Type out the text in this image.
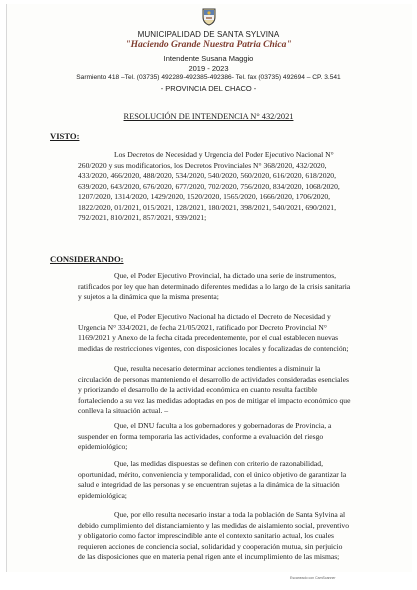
MUNICIPALIDAD DE SANTA SYLVINA
"Haciendo Grande Nuestra Patria Chica"
Intendente Susana Maggio
2019 - 2023
Sarmiento 418 –Tel. (03735) 492289-492385-492386- Tel. fax (03735) 492694 – CP. 3.541
- PROVINCIA DEL CHACO -
RESOLUCIÓN DE INTENDENCIA N° 432/2021
VISTO:
Los Decretos de Necesidad y Urgencia del Poder Ejecutivo Nacional N°
260/2020 y sus modificatorios, los Decretos Provinciales N° 368/2020, 432/2020,
433/2020, 466/2020, 488/2020, 534/2020, 540/2020, 560/2020, 616/2020, 618/2020,
639/2020, 643/2020, 676/2020, 677/2020, 702/2020, 756/2020, 834/2020, 1068/2020,
1207/2020, 1314/2020, 1429/2020, 1520/2020, 1565/2020, 1666/2020, 1706/2020,
1822/2020, 01/2021, 015/2021, 128/2021, 180/2021, 398/2021, 540/2021, 690/2021,
792/2021, 810/2021, 857/2021, 939/2021;
CONSIDERANDO:
Que, el Poder Ejecutivo Provincial, ha dictado una serie de instrumentos,
ratificados por ley que han determinado diferentes medidas a lo largo de la crisis sanitaria
y sujetos a la dinámica que la misma presenta;
Que, el Poder Ejecutivo Nacional ha dictado el Decreto de Necesidad y
Urgencia N° 334/2021, de fecha 21/05/2021, ratificado por Decreto Provincial N°
1169/2021 y Anexo de la fecha citada precedentemente, por el cual establecen nuevas
medidas de restricciones vigentes, con disposiciones locales y focalizadas de contención;
Que, resulta necesario determinar acciones tendientes a disminuir la
circulación de personas manteniendo el desarrollo de actividades consideradas esenciales
y priorizando el desarrollo de la actividad económica en cuanto resulta factible
fortaleciendo a su vez las medidas adoptadas en pos de mitigar el impacto económico que
conlleva la situación actual. –
Que, el DNU faculta a los gobernadores y gobernadoras de Provincia, a
suspender en forma temporaria las actividades, conforme a evaluación del riesgo
epidemiológico;
Que, las medidas dispuestas se definen con criterio de razonabilidad,
oportunidad, mérito, conveniencia y temporalidad, con el único objetivo de garantizar la
salud e integridad de las personas y se encuentran sujetas a la dinámica de la situación
epidemiológica;
Que, por ello resulta necesario instar a toda la población de Santa Sylvina al
debido cumplimiento del distanciamiento y las medidas de aislamiento social, preventivo
y obligatorio como factor imprescindible ante el contexto sanitario actual, los cuales
requieren acciones de conciencia social, solidaridad y cooperación mutua, sin perjuicio
de las disposiciones que en materia penal rigen ante el incumplimiento de las mismas;
Escaneado con CamScanner
